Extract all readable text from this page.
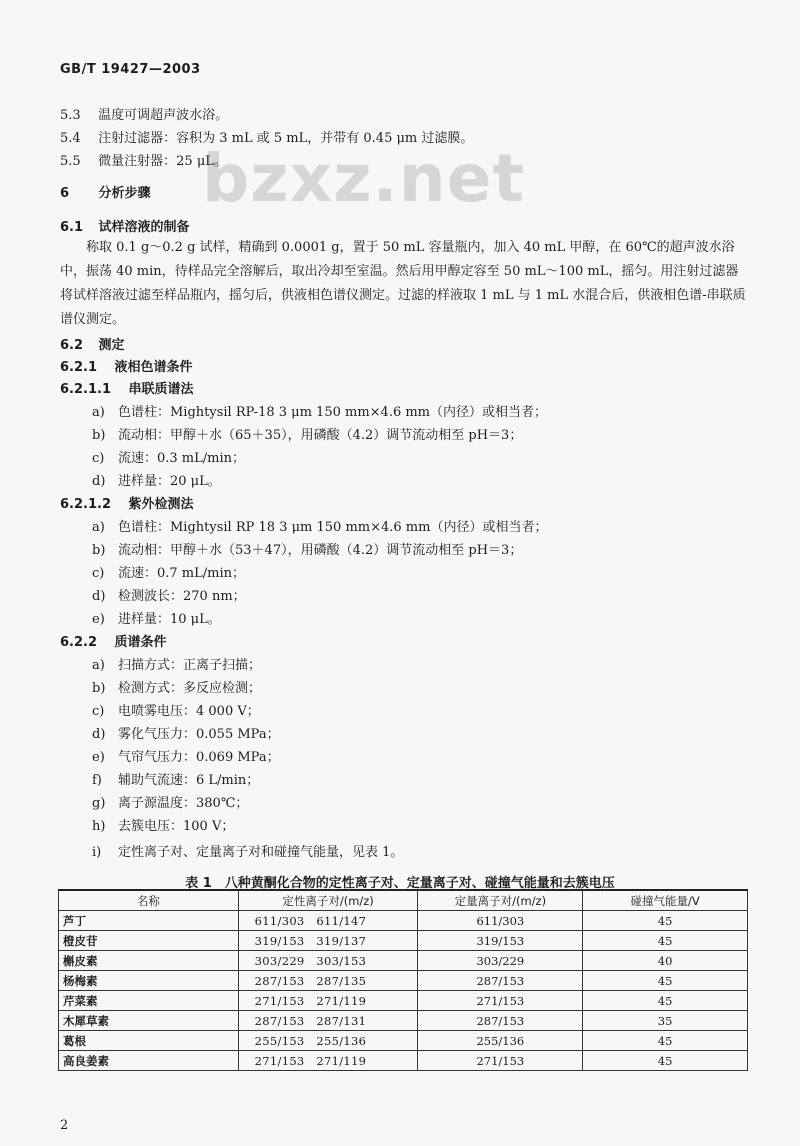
GB/T 19427—2003
bzxz.net
5.3 温度可调超声波水浴。
5.4 注射过滤器：容积为 3 mL 或 5 mL，并带有 0.45 μm 过滤膜。
5.5 微量注射器：25 μL。
6 分析步骤
6.1 试样溶液的制备
称取 0.1 g～0.2 g 试样，精确到 0.0001 g，置于 50 mL 容量瓶内，加入 40 mL 甲醇，在 60℃的超声波水浴中，振荡 40 min，待样品完全溶解后，取出冷却至室温。然后用甲醇定容至 50 mL～100 mL，摇匀。用注射过滤器将试样溶液过滤至样品瓶内，摇匀后，供液相色谱仪测定。过滤的样液取 1 mL 与 1 mL 水混合后，供液相色谱-串联质谱仪测定。
6.2 测定
6.2.1 液相色谱条件
6.2.1.1 串联质谱法
a) 色谱柱：Mightysil RP-18 3 μm 150 mm×4.6 mm（内径）或相当者；
b) 流动相：甲醇＋水（65＋35），用磷酸（4.2）调节流动相至 pH＝3；
c) 流速：0.3 mL/min；
d) 进样量：20 μL。
6.2.1.2 紫外检测法
a) 色谱柱：Mightysil RP 18 3 μm 150 mm×4.6 mm（内径）或相当者；
b) 流动相：甲醇＋水（53＋47），用磷酸（4.2）调节流动相至 pH＝3；
c) 流速：0.7 mL/min；
d) 检测波长：270 nm；
e) 进样量：10 μL。
6.2.2 质谱条件
a) 扫描方式：正离子扫描；
b) 检测方式：多反应检测；
c) 电喷雾电压：4 000 V；
d) 雾化气压力：0.055 MPa；
e) 气帘气压力：0.069 MPa；
f) 辅助气流速：6 L/min；
g) 离子源温度：380℃；
h) 去簇电压：100 V；
i) 定性离子对、定量离子对和碰撞气能量，见表 1。
表 1　八种黄酮化合物的定性离子对、定量离子对、碰撞气能量和去簇电压
名称	定性离子对/(m/z)	定量离子对/(m/z)	碰撞气能量/V
芦丁	611/303　 611/147	611/303	45
橙皮苷	319/153　 319/137	319/153	45
槲皮素	303/229　 303/153	303/229	40
杨梅素	287/153　 287/135	287/153	45
芹菜素	271/153　 271/119	271/153	45
木犀草素	287/153　 287/131	287/153	35
葛根	255/153　 255/136	255/136	45
高良姜素	271/153　 271/119	271/153	45
2
